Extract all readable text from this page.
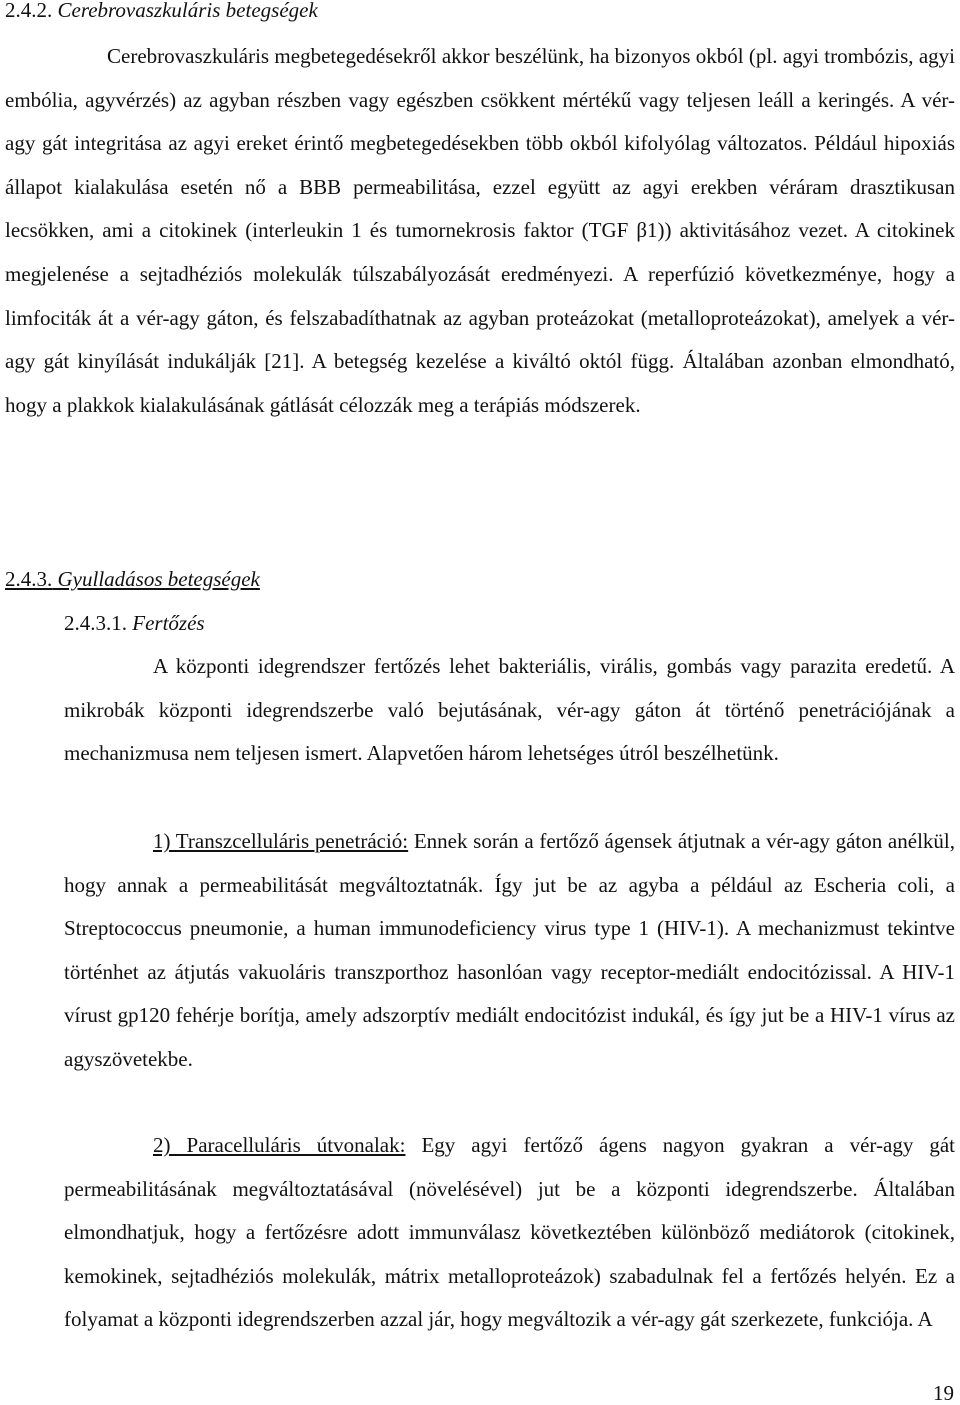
2.4.2. Cerebrovaszkuláris betegségek

Cerebrovaszkuláris megbetegedésekről akkor beszélünk, ha bizonyos okból (pl. agyi trombózis, agyi embólia, agyvérzés) az agyban részben vagy egészben csökkent mértékű vagy teljesen leáll a keringés. A vér-agy gát integritása az agyi ereket érintő megbetegedésekben több okból kifolyólag változatos. Például hipoxiás állapot kialakulása esetén nő a BBB permeabilitása, ezzel együtt az agyi erekben véráram drasztikusan lecsökken, ami a citokinek (interleukin 1 és tumornekrosis faktor (TGF β1)) aktivitásához vezet. A citokinek megjelenése a sejtadhéziós molekulák túlszabályozását eredményezi. A reperfúzió következménye, hogy a limfociták át a vér-agy gáton, és felszabadíthatnak az agyban proteázokat (metalloproteázokat), amelyek a vér-agy gát kinyílását indukálják [21]. A betegség kezelése a kiváltó októl függ. Általában azonban elmondható, hogy a plakkok kialakulásának gátlását célozzák meg a terápiás módszerek.

2.4.3. Gyulladásos betegségek
2.4.3.1. Fertőzés

A központi idegrendszer fertőzés lehet bakteriális, virális, gombás vagy parazita eredetű. A mikrobák központi idegrendszerbe való bejutásának, vér-agy gáton át történő penetrációjának a mechanizmusa nem teljesen ismert. Alapvetően három lehetséges útról beszélhetünk.

1) Transzcelluláris penetráció: Ennek során a fertőző ágensek átjutnak a vér-agy gáton anélkül, hogy annak a permeabilitását megváltoztatnák. Így jut be az agyba a például az Escheria coli, a Streptococcus pneumonie, a human immunodeficiency virus type 1 (HIV-1). A mechanizmust tekintve történhet az átjutás vakuoláris transzporthoz hasonlóan vagy receptor-mediált endocitózissal. A HIV-1 vírust gp120 fehérje borítja, amely adszorptív mediált endocitózist indukál, és így jut be a HIV-1 vírus az agyszövetekbe.

2) Paracelluláris útvonalak: Egy agyi fertőző ágens nagyon gyakran a vér-agy gát permeabilitásának megváltoztatásával (növelésével) jut be a központi idegrendszerbe. Általában elmondhatjuk, hogy a fertőzésre adott immunválasz következtében különböző mediátorok (citokinek, kemokinek, sejtadhéziós molekulák, mátrix metalloproteázok) szabadulnak fel a fertőzés helyén. Ez a folyamat a központi idegrendszerben azzal jár, hogy megváltozik a vér-agy gát szerkezete, funkciója. A

19
